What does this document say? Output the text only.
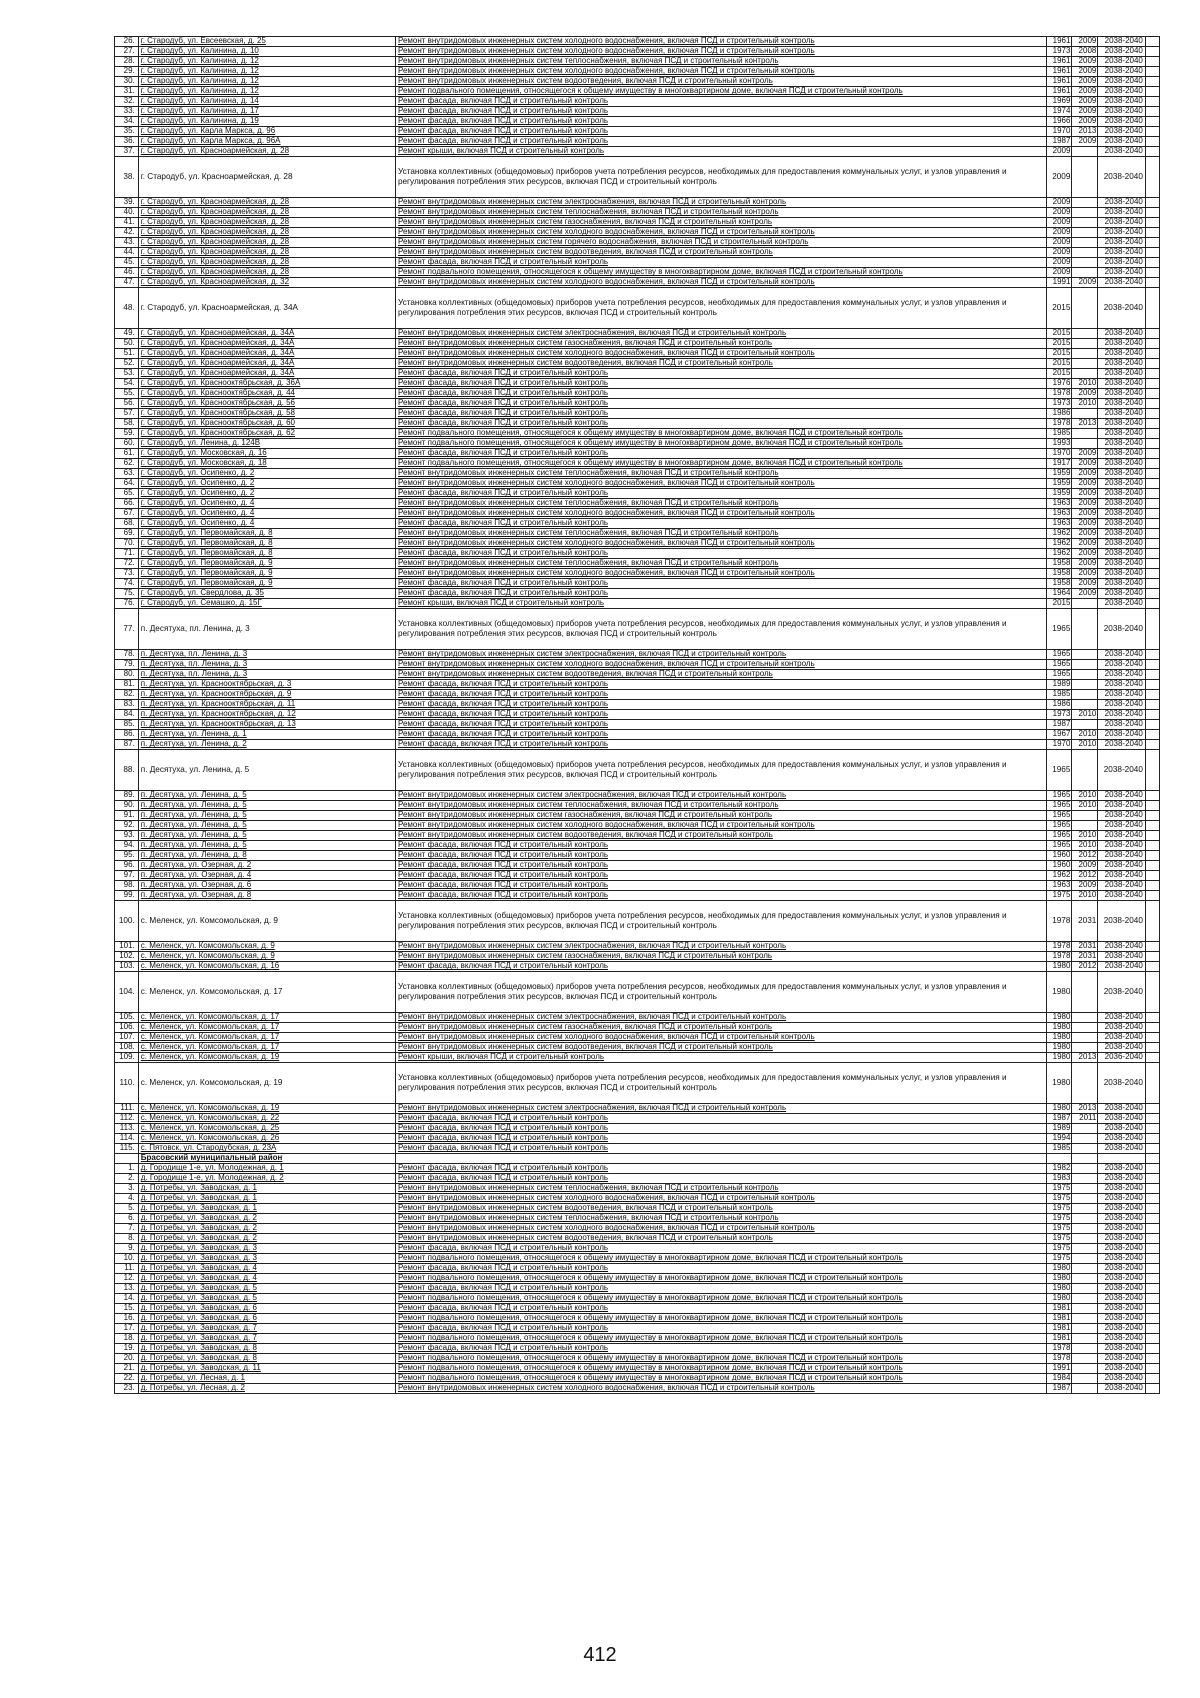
26.	г. Стародуб, ул. Евсеевская, д. 25	Ремонт внутридомовых инженерных систем холодного водоснабжения, включая ПСД и строительный контроль	1961	2009	2038-2040	
27.	г. Стародуб, ул. Калинина, д. 10	Ремонт внутридомовых инженерных систем холодного водоснабжения, включая ПСД и строительный контроль	1973	2008	2038-2040	
28.	г. Стародуб, ул. Калинина, д. 12	Ремонт внутридомовых инженерных систем теплоснабжения, включая ПСД и строительный контроль	1961	2009	2038-2040	
29.	г. Стародуб, ул. Калинина, д. 12	Ремонт внутридомовых инженерных систем холодного водоснабжения, включая ПСД и строительный контроль	1961	2009	2038-2040	
30.	г. Стародуб, ул. Калинина, д. 12	Ремонт внутридомовых инженерных систем водоотведения, включая ПСД и строительный контроль	1961	2009	2038-2040	
31.	г. Стародуб, ул. Калинина, д. 12	Ремонт подвального помещения, относящегося к общему имуществу в многоквартирном доме, включая ПСД и строительный контроль	1961	2009	2038-2040	
32.	г. Стародуб, ул. Калинина, д. 14	Ремонт фасада, включая ПСД и строительный контроль	1969	2009	2038-2040	
33.	г. Стародуб, ул. Калинина, д. 17	Ремонт фасада, включая ПСД и строительный контроль	1974	2009	2038-2040	
34.	г. Стародуб, ул. Калинина, д. 19	Ремонт фасада, включая ПСД и строительный контроль	1966	2009	2038-2040	
35.	г. Стародуб, ул. Карла Маркса, д. 96	Ремонт фасада, включая ПСД и строительный контроль	1970	2013	2038-2040	
36.	г. Стародуб, ул. Карла Маркса, д. 96А	Ремонт фасада, включая ПСД и строительный контроль	1987	2009	2038-2040	
37.	г. Стародуб, ул. Красноармейская, д. 28	Ремонт крыши, включая ПСД и строительный контроль	2009		2038-2040	
38.	г. Стародуб, ул. Красноармейская, д. 28	Установка коллективных (общедомовых) приборов учета потребления ресурсов, необходимых для предоставления коммунальных услуг, и узлов управления и регулирования потребления этих ресурсов, включая ПСД и строительный контроль	2009		2038-2040	
39.	г. Стародуб, ул. Красноармейская, д. 28	Ремонт внутридомовых инженерных систем электроснабжения, включая ПСД и строительный контроль	2009		2038-2040	
40.	г. Стародуб, ул. Красноармейская, д. 28	Ремонт внутридомовых инженерных систем теплоснабжения, включая ПСД и строительный контроль	2009		2038-2040	
41.	г. Стародуб, ул. Красноармейская, д. 28	Ремонт внутридомовых инженерных систем газоснабжения, включая ПСД и строительный контроль	2009		2038-2040	
42.	г. Стародуб, ул. Красноармейская, д. 28	Ремонт внутридомовых инженерных систем холодного водоснабжения, включая ПСД и строительный контроль	2009		2038-2040	
43.	г. Стародуб, ул. Красноармейская, д. 28	Ремонт внутридомовых инженерных систем горячего водоснабжения, включая ПСД и строительный контроль	2009		2038-2040	
44.	г. Стародуб, ул. Красноармейская, д. 28	Ремонт внутридомовых инженерных систем водоотведения, включая ПСД и строительный контроль	2009		2038-2040	
45.	г. Стародуб, ул. Красноармейская, д. 28	Ремонт фасада, включая ПСД и строительный контроль	2009		2038-2040	
46.	г. Стародуб, ул. Красноармейская, д. 28	Ремонт подвального помещения, относящегося к общему имуществу в многоквартирном доме, включая ПСД и строительный контроль	2009		2038-2040	
47.	г. Стародуб, ул. Красноармейская, д. 32	Ремонт внутридомовых инженерных систем холодного водоснабжения, включая ПСД и строительный контроль	1991	2009	2038-2040	
48.	г. Стародуб, ул. Красноармейская, д. 34А	Установка коллективных (общедомовых) приборов учета потребления ресурсов, необходимых для предоставления коммунальных услуг, и узлов управления и регулирования потребления этих ресурсов, включая ПСД и строительный контроль	2015		2038-2040	
49.	г. Стародуб, ул. Красноармейская, д. 34А	Ремонт внутридомовых инженерных систем электроснабжения, включая ПСД и строительный контроль	2015		2038-2040	
50.	г. Стародуб, ул. Красноармейская, д. 34А	Ремонт внутридомовых инженерных систем газоснабжения, включая ПСД и строительный контроль	2015		2038-2040	
51.	г. Стародуб, ул. Красноармейская, д. 34А	Ремонт внутридомовых инженерных систем холодного водоснабжения, включая ПСД и строительный контроль	2015		2038-2040	
52.	г. Стародуб, ул. Красноармейская, д. 34А	Ремонт внутридомовых инженерных систем водоотведения, включая ПСД и строительный контроль	2015		2038-2040	
53.	г. Стародуб, ул. Красноармейская, д. 34А	Ремонт фасада, включая ПСД и строительный контроль	2015		2038-2040	
54.	г. Стародуб, ул. Краснооктябрьская, д. 36А	Ремонт фасада, включая ПСД и строительный контроль	1976	2010	2038-2040	
55.	г. Стародуб, ул. Краснооктябрьская, д. 44	Ремонт фасада, включая ПСД и строительный контроль	1978	2009	2038-2040	
56.	г. Стародуб, ул. Краснооктябрьская, д. 56	Ремонт фасада, включая ПСД и строительный контроль	1973	2010	2038-2040	
57.	г. Стародуб, ул. Краснооктябрьская, д. 58	Ремонт фасада, включая ПСД и строительный контроль	1986		2038-2040	
58.	г. Стародуб, ул. Краснооктябрьская, д. 60	Ремонт фасада, включая ПСД и строительный контроль	1978	2013	2038-2040	
59.	г. Стародуб, ул. Краснооктябрьская, д. 62	Ремонт подвального помещения, относящегося к общему имуществу в многоквартирном доме, включая ПСД и строительный контроль	1985		2038-2040	
60.	г. Стародуб, ул. Ленина, д. 124В	Ремонт подвального помещения, относящегося к общему имуществу в многоквартирном доме, включая ПСД и строительный контроль	1993		2038-2040	
61.	г. Стародуб, ул. Московская, д. 16	Ремонт фасада, включая ПСД и строительный контроль	1970	2009	2038-2040	
62.	г. Стародуб, ул. Московская, д. 18	Ремонт подвального помещения, относящегося к общему имуществу в многоквартирном доме, включая ПСД и строительный контроль	1917	2009	2038-2040	
63.	г. Стародуб, ул. Осипенко, д. 2	Ремонт внутридомовых инженерных систем теплоснабжения, включая ПСД и строительный контроль	1959	2009	2038-2040	
64.	г. Стародуб, ул. Осипенко, д. 2	Ремонт внутридомовых инженерных систем холодного водоснабжения, включая ПСД и строительный контроль	1959	2009	2038-2040	
65.	г. Стародуб, ул. Осипенко, д. 2	Ремонт фасада, включая ПСД и строительный контроль	1959	2009	2038-2040	
66.	г. Стародуб, ул. Осипенко, д. 4	Ремонт внутридомовых инженерных систем теплоснабжения, включая ПСД и строительный контроль	1963	2009	2038-2040	
67.	г. Стародуб, ул. Осипенко, д. 4	Ремонт внутридомовых инженерных систем холодного водоснабжения, включая ПСД и строительный контроль	1963	2009	2038-2040	
68.	г. Стародуб, ул. Осипенко, д. 4	Ремонт фасада, включая ПСД и строительный контроль	1963	2009	2038-2040	
69.	г. Стародуб, ул. Первомайская, д. 8	Ремонт внутридомовых инженерных систем теплоснабжения, включая ПСД и строительный контроль	1962	2009	2038-2040	
70.	г. Стародуб, ул. Первомайская, д. 8	Ремонт внутридомовых инженерных систем холодного водоснабжения, включая ПСД и строительный контроль	1962	2009	2038-2040	
71.	г. Стародуб, ул. Первомайская, д. 8	Ремонт фасада, включая ПСД и строительный контроль	1962	2009	2038-2040	
72.	г. Стародуб, ул. Первомайская, д. 9	Ремонт внутридомовых инженерных систем теплоснабжения, включая ПСД и строительный контроль	1958	2009	2038-2040	
73.	г. Стародуб, ул. Первомайская, д. 9	Ремонт внутридомовых инженерных систем холодного водоснабжения, включая ПСД и строительный контроль	1958	2009	2038-2040	
74.	г. Стародуб, ул. Первомайская, д. 9	Ремонт фасада, включая ПСД и строительный контроль	1958	2009	2038-2040	
75.	г. Стародуб, ул. Свердлова, д. 35	Ремонт фасада, включая ПСД и строительный контроль	1964	2009	2038-2040	
76.	г. Стародуб, ул. Семашко, д. 15Г	Ремонт крыши, включая ПСД и строительный контроль	2015		2038-2040	
77.	п. Десятуха, пл. Ленина, д. 3	Установка коллективных (общедомовых) приборов учета потребления ресурсов, необходимых для предоставления коммунальных услуг, и узлов управления и регулирования потребления этих ресурсов, включая ПСД и строительный контроль	1965		2038-2040	
78.	п. Десятуха, пл. Ленина, д. 3	Ремонт внутридомовых инженерных систем электроснабжения, включая ПСД и строительный контроль	1965		2038-2040	
79.	п. Десятуха, пл. Ленина, д. 3	Ремонт внутридомовых инженерных систем холодного водоснабжения, включая ПСД и строительный контроль	1965		2038-2040	
80.	п. Десятуха, пл. Ленина, д. 3	Ремонт внутридомовых инженерных систем водоотведения, включая ПСД и строительный контроль	1965		2038-2040	
81.	п. Десятуха, ул. Краснооктябрьская, д. 3	Ремонт фасада, включая ПСД и строительный контроль	1989		2038-2040	
82.	п. Десятуха, ул. Краснооктябрьская, д. 9	Ремонт фасада, включая ПСД и строительный контроль	1985		2038-2040	
83.	п. Десятуха, ул. Краснооктябрьская, д. 11	Ремонт фасада, включая ПСД и строительный контроль	1986		2038-2040	
84.	п. Десятуха, ул. Краснооктябрьская, д. 12	Ремонт фасада, включая ПСД и строительный контроль	1973	2010	2038-2040	
85.	п. Десятуха, ул. Краснооктябрьская, д. 13	Ремонт фасада, включая ПСД и строительный контроль	1987		2038-2040	
86.	п. Десятуха, ул. Ленина, д. 1	Ремонт фасада, включая ПСД и строительный контроль	1967	2010	2038-2040	
87.	п. Десятуха, ул. Ленина, д. 2	Ремонт фасада, включая ПСД и строительный контроль	1970	2010	2038-2040	
88.	п. Десятуха, ул. Ленина, д. 5	Установка коллективных (общедомовых) приборов учета потребления ресурсов, необходимых для предоставления коммунальных услуг, и узлов управления и регулирования потребления этих ресурсов, включая ПСД и строительный контроль	1965		2038-2040	
89.	п. Десятуха, ул. Ленина, д. 5	Ремонт внутридомовых инженерных систем электроснабжения, включая ПСД и строительный контроль	1965	2010	2038-2040	
90.	п. Десятуха, ул. Ленина, д. 5	Ремонт внутридомовых инженерных систем теплоснабжения, включая ПСД и строительный контроль	1965	2010	2038-2040	
91.	п. Десятуха, ул. Ленина, д. 5	Ремонт внутридомовых инженерных систем газоснабжения, включая ПСД и строительный контроль	1965		2038-2040	
92.	п. Десятуха, ул. Ленина, д. 5	Ремонт внутридомовых инженерных систем холодного водоснабжения, включая ПСД и строительный контроль	1965		2038-2040	
93.	п. Десятуха, ул. Ленина, д. 5	Ремонт внутридомовых инженерных систем водоотведения, включая ПСД и строительный контроль	1965	2010	2038-2040	
94.	п. Десятуха, ул. Ленина, д. 5	Ремонт фасада, включая ПСД и строительный контроль	1965	2010	2038-2040	
95.	п. Десятуха, ул. Ленина, д. 8	Ремонт фасада, включая ПСД и строительный контроль	1960	2012	2038-2040	
96.	п. Десятуха, ул. Озерная, д. 2	Ремонт фасада, включая ПСД и строительный контроль	1960	2009	2038-2040	
97.	п. Десятуха, ул. Озерная, д. 4	Ремонт фасада, включая ПСД и строительный контроль	1962	2012	2038-2040	
98.	п. Десятуха, ул. Озерная, д. 6	Ремонт фасада, включая ПСД и строительный контроль	1963	2009	2038-2040	
99.	п. Десятуха, ул. Озерная, д. 8	Ремонт фасада, включая ПСД и строительный контроль	1975	2010	2038-2040	
100.	с. Меленск, ул. Комсомольская, д. 9	Установка коллективных (общедомовых) приборов учета потребления ресурсов, необходимых для предоставления коммунальных услуг, и узлов управления и регулирования потребления этих ресурсов, включая ПСД и строительный контроль	1978	2031	2038-2040	
101.	с. Меленск, ул. Комсомольская, д. 9	Ремонт внутридомовых инженерных систем электроснабжения, включая ПСД и строительный контроль	1978	2031	2038-2040	
102.	с. Меленск, ул. Комсомольская, д. 9	Ремонт внутридомовых инженерных систем газоснабжения, включая ПСД и строительный контроль	1978	2031	2038-2040	
103.	с. Меленск, ул. Комсомольская, д. 16	Ремонт фасада, включая ПСД и строительный контроль	1980	2012	2038-2040	
104.	с. Меленск, ул. Комсомольская, д. 17	Установка коллективных (общедомовых) приборов учета потребления ресурсов, необходимых для предоставления коммунальных услуг, и узлов управления и регулирования потребления этих ресурсов, включая ПСД и строительный контроль	1980		2038-2040	
105.	с. Меленск, ул. Комсомольская, д. 17	Ремонт внутридомовых инженерных систем электроснабжения, включая ПСД и строительный контроль	1980		2038-2040	
106.	с. Меленск, ул. Комсомольская, д. 17	Ремонт внутридомовых инженерных систем газоснабжения, включая ПСД и строительный контроль	1980		2038-2040	
107.	с. Меленск, ул. Комсомольская, д. 17	Ремонт внутридомовых инженерных систем холодного водоснабжения, включая ПСД и строительный контроль	1980		2038-2040	
108.	с. Меленск, ул. Комсомольская, д. 17	Ремонт внутридомовых инженерных систем водоотведения, включая ПСД и строительный контроль	1980		2038-2040	
109.	с. Меленск, ул. Комсомольская, д. 19	Ремонт крыши, включая ПСД и строительный контроль	1980	2013	2036-2040	
110.	с. Меленск, ул. Комсомольская, д. 19	Установка коллективных (общедомовых) приборов учета потребления ресурсов, необходимых для предоставления коммунальных услуг, и узлов управления и регулирования потребления этих ресурсов, включая ПСД и строительный контроль	1980		2038-2040	
111.	с. Меленск, ул. Комсомольская, д. 19	Ремонт внутридомовых инженерных систем электроснабжения, включая ПСД и строительный контроль	1980	2013	2038-2040	
112.	с. Меленск, ул. Комсомольская, д. 22	Ремонт фасада, включая ПСД и строительный контроль	1987	2011	2038-2040	
113.	с. Меленск, ул. Комсомольская, д. 25	Ремонт фасада, включая ПСД и строительный контроль	1989		2038-2040	
114.	с. Меленск, ул. Комсомольская, д. 26	Ремонт фасада, включая ПСД и строительный контроль	1994		2038-2040	
115.	с. Пятовск, ул. Стародубская, д. 23А	Ремонт фасада, включая ПСД и строительный контроль	1985		2038-2040	
	Брасовский муниципальный район					
1.	д. Городище 1-е, ул. Молодежная, д. 1	Ремонт фасада, включая ПСД и строительный контроль	1982		2038-2040	
2.	д. Городище 1-е, ул. Молодежная, д. 2	Ремонт фасада, включая ПСД и строительный контроль	1983		2038-2040	
3.	д. Потребы, ул. Заводская, д. 1	Ремонт внутридомовых инженерных систем теплоснабжения, включая ПСД и строительный контроль	1975		2038-2040	
4.	д. Потребы, ул. Заводская, д. 1	Ремонт внутридомовых инженерных систем холодного водоснабжения, включая ПСД и строительный контроль	1975		2038-2040	
5.	д. Потребы, ул. Заводская, д. 1	Ремонт внутридомовых инженерных систем водоотведения, включая ПСД и строительный контроль	1975		2038-2040	
6.	д. Потребы, ул. Заводская, д. 2	Ремонт внутридомовых инженерных систем теплоснабжения, включая ПСД и строительный контроль	1975		2038-2040	
7.	д. Потребы, ул. Заводская, д. 2	Ремонт внутридомовых инженерных систем холодного водоснабжения, включая ПСД и строительный контроль	1975		2038-2040	
8.	д. Потребы, ул. Заводская, д. 2	Ремонт внутридомовых инженерных систем водоотведения, включая ПСД и строительный контроль	1975		2038-2040	
9.	д. Потребы, ул. Заводская, д. 3	Ремонт фасада, включая ПСД и строительный контроль	1975		2038-2040	
10.	д. Потребы, ул. Заводская, д. 3	Ремонт подвального помещения, относящегося к общему имуществу в многоквартирном доме, включая ПСД и строительный контроль	1975		2038-2040	
11.	д. Потребы, ул. Заводская, д. 4	Ремонт фасада, включая ПСД и строительный контроль	1980		2038-2040	
12.	д. Потребы, ул. Заводская, д. 4	Ремонт подвального помещения, относящегося к общему имуществу в многоквартирном доме, включая ПСД и строительный контроль	1980		2038-2040	
13.	д. Потребы, ул. Заводская, д. 5	Ремонт фасада, включая ПСД и строительный контроль	1980		2038-2040	
14.	д. Потребы, ул. Заводская, д. 5	Ремонт подвального помещения, относящегося к общему имуществу в многоквартирном доме, включая ПСД и строительный контроль	1980		2038-2040	
15.	д. Потребы, ул. Заводская, д. 6	Ремонт фасада, включая ПСД и строительный контроль	1981		2038-2040	
16.	д. Потребы, ул. Заводская, д. 6	Ремонт подвального помещения, относящегося к общему имуществу в многоквартирном доме, включая ПСД и строительный контроль	1981		2038-2040	
17.	д. Потребы, ул. Заводская, д. 7	Ремонт фасада, включая ПСД и строительный контроль	1981		2038-2040	
18.	д. Потребы, ул. Заводская, д. 7	Ремонт подвального помещения, относящегося к общему имуществу в многоквартирном доме, включая ПСД и строительный контроль	1981		2038-2040	
19.	д. Потребы, ул. Заводская, д. 8	Ремонт фасада, включая ПСД и строительный контроль	1978		2038-2040	
20.	д. Потребы, ул. Заводская, д. 8	Ремонт подвального помещения, относящегося к общему имуществу в многоквартирном доме, включая ПСД и строительный контроль	1978		2038-2040	
21.	д. Потребы, ул. Заводская, д. 11	Ремонт подвального помещения, относящегося к общему имуществу в многоквартирном доме, включая ПСД и строительный контроль	1991		2038-2040	
22.	д. Потребы, ул. Лесная, д. 1	Ремонт подвального помещения, относящегося к общему имуществу в многоквартирном доме, включая ПСД и строительный контроль	1984		2038-2040	
23.	д. Потребы, ул. Лесная, д. 2	Ремонт внутридомовых инженерных систем холодного водоснабжения, включая ПСД и строительный контроль	1987		2038-2040	
412
